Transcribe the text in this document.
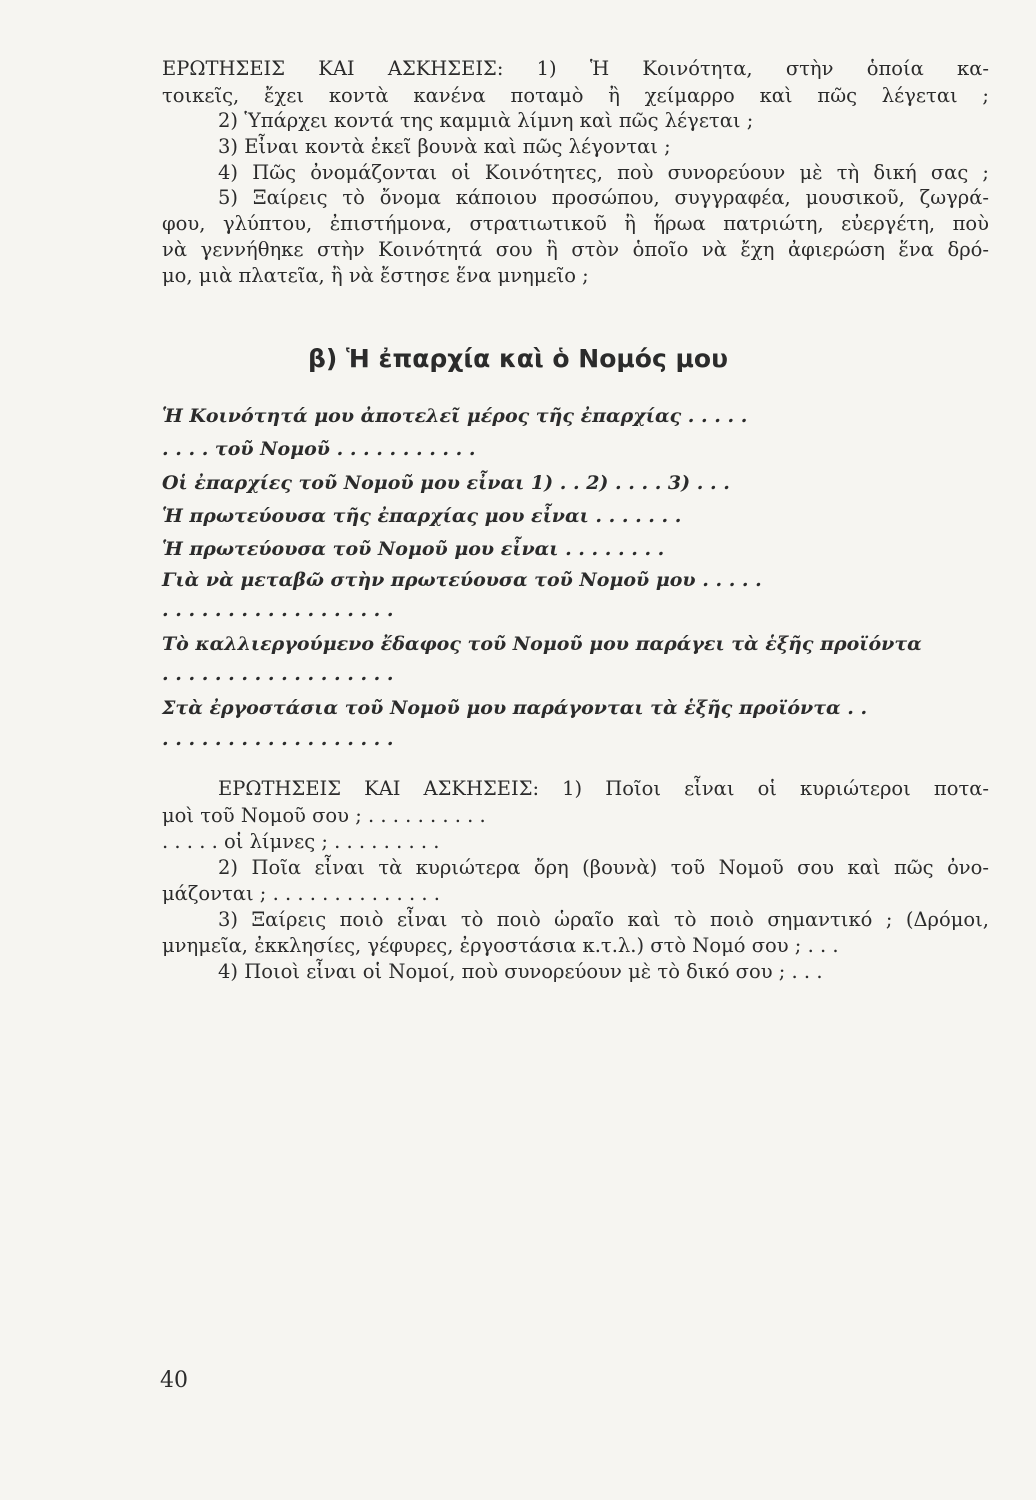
ΕΡΩΤΗΣΕΙΣ ΚΑΙ ΑΣΚΗΣΕΙΣ: 1) Ἡ Κοινότητα, στὴν ὁποία κα-
τοικεῖς, ἔχει κοντὰ κανένα ποταμὸ ἢ χείμαρρο καὶ πῶς λέγεται ;
2) Ὑπάρχει κοντά της καμμιὰ λίμνη καὶ πῶς λέγεται ;
3) Εἶναι κοντὰ ἐκεῖ βουνὰ καὶ πῶς λέγονται ;
4) Πῶς ὀνομάζονται οἱ Κοινότητες, ποὺ συνορεύουν μὲ τὴ δική σας ;
5) Ξαίρεις τὸ ὄνομα κάποιου προσώπου, συγγραφέα, μουσικοῦ, ζωγρά-
φου, γλύπτου, ἐπιστήμονα, στρατιωτικοῦ ἢ ἥρωα πατριώτη, εὐεργέτη, ποὺ
νὰ γεννήθηκε στὴν Κοινότητά σου ἢ στὸν ὁποῖο νὰ ἔχη ἀφιερώση ἕνα δρό-
μο, μιὰ πλατεῖα, ἢ νὰ ἔστησε ἕνα μνημεῖο ;
β) Ἡ ἐπαρχία καὶ ὁ Νομός μου
Ἡ Κοινότητά μου ἀποτελεῖ μέρος τῆς ἐπαρχίας . . . . .
. . . . τοῦ Νομοῦ . . . . . . . . . . .
Οἱ ἐπαρχίες τοῦ Νομοῦ μου εἶναι 1) . . 2) . . . . 3) . . .
Ἡ πρωτεύουσα τῆς ἐπαρχίας μου εἶναι . . . . . . .
Ἡ πρωτεύουσα τοῦ Νομοῦ μου εἶναι . . . . . . . .
Γιὰ νὰ μεταβῶ στὴν πρωτεύουσα τοῦ Νομοῦ μου . . . . .
. . . . . . . . . . . . . . . . . .
Τὸ καλλιεργούμενο ἔδαφος τοῦ Νομοῦ μου παράγει τὰ ἑξῆς προϊόντα
. . . . . . . . . . . . . . . . . .
Στὰ ἐργοστάσια τοῦ Νομοῦ μου παράγονται τὰ ἑξῆς προϊόντα . .
. . . . . . . . . . . . . . . . . .
ΕΡΩΤΗΣΕΙΣ ΚΑΙ ΑΣΚΗΣΕΙΣ: 1) Ποῖοι εἶναι οἱ κυριώτεροι ποτα-
μοὶ τοῦ Νομοῦ σου ; . . . . . . . . . .
. . . . . οἱ λίμνες ; . . . . . . . . .
2) Ποῖα εἶναι τὰ κυριώτερα ὄρη (βουνὰ) τοῦ Νομοῦ σου καὶ πῶς ὀνο-
μάζονται ; . . . . . . . . . . . . . .
3) Ξαίρεις ποιὸ εἶναι τὸ ποιὸ ὡραῖο καὶ τὸ ποιὸ σημαντικό ; (Δρόμοι,
μνημεῖα, ἐκκλησίες, γέφυρες, ἐργοστάσια κ.τ.λ.) στὸ Νομό σου ; . . .
4) Ποιοὶ εἶναι οἱ Νομοί, ποὺ συνορεύουν μὲ τὸ δικό σου ; . . .
40
